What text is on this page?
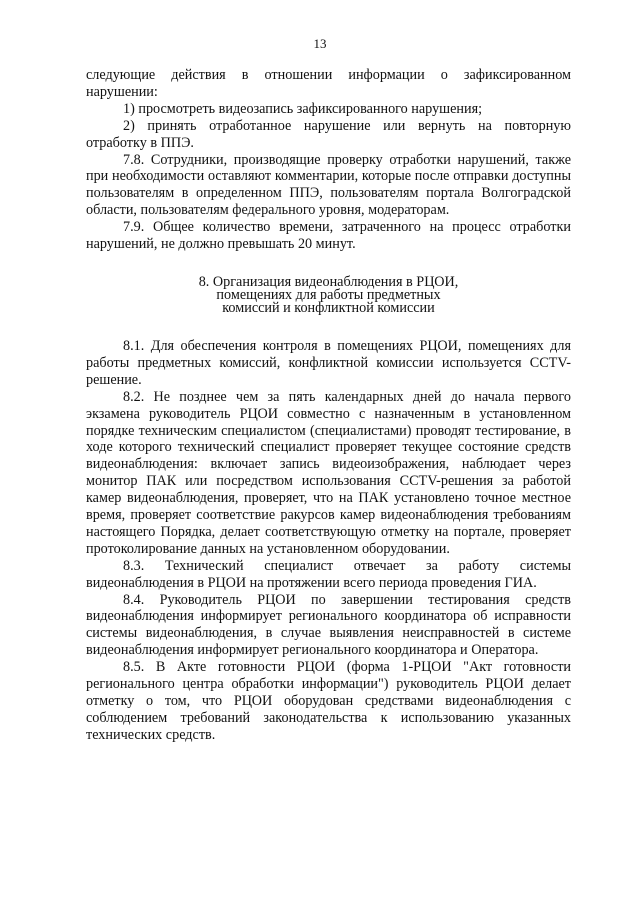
13

следующие действия в отношении информации о зафиксированном нарушении:

1) просмотреть видеозапись зафиксированного нарушения;

2) принять отработанное нарушение или вернуть на повторную отработку в ППЭ.

7.8. Сотрудники, производящие проверку отработки нарушений, также при необходимости оставляют комментарии, которые после отправки доступны пользователям в определенном ППЭ, пользователям портала Волгоградской области, пользователям федерального уровня, модераторам.

7.9. Общее количество времени, затраченного на процесс отработки нарушений, не должно превышать 20 минут.

8. Организация видеонаблюдения в РЦОИ,
помещениях для работы предметных
комиссий и конфликтной комиссии

8.1. Для обеспечения контроля в помещениях РЦОИ, помещениях для работы предметных комиссий, конфликтной комиссии используется CCTV-решение.

8.2. Не позднее чем за пять календарных дней до начала первого экзамена руководитель РЦОИ совместно с назначенным в установленном порядке техническим специалистом (специалистами) проводят тестирование, в ходе которого технический специалист проверяет текущее состояние средств видеонаблюдения: включает запись видеоизображения, наблюдает через монитор ПАК или посредством использования CCTV-решения за работой камер видеонаблюдения, проверяет, что на ПАК установлено точное местное время, проверяет соответствие ракурсов камер видеонаблюдения требованиям настоящего Порядка, делает соответствующую отметку на портале, проверяет протоколирование данных на установленном оборудовании.

8.3. Технический специалист отвечает за работу системы видеонаблюдения в РЦОИ на протяжении всего периода проведения ГИА.

8.4. Руководитель РЦОИ по завершении тестирования средств видеонаблюдения информирует регионального координатора об исправности системы видеонаблюдения, в случае выявления неисправностей в системе видеонаблюдения информирует регионального координатора и Оператора.

8.5. В Акте готовности РЦОИ (форма 1-РЦОИ "Акт готовности регионального центра обработки информации") руководитель РЦОИ делает отметку о том, что РЦОИ оборудован средствами видеонаблюдения с соблюдением требований законодательства к использованию указанных технических средств.
